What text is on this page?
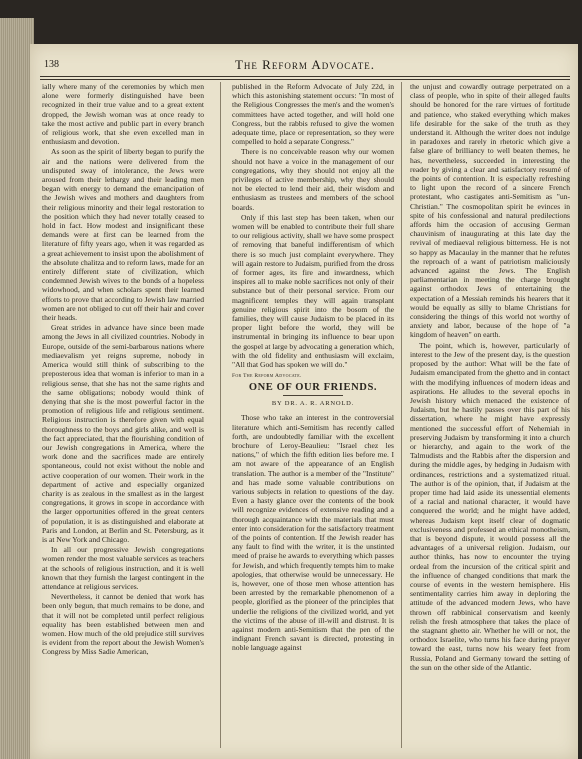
138	The Reform Advocate.

ially where many of the ceremonies by which men alone were formerly distinguished have been recognized in their true value and to a great extent dropped, the Jewish woman was at once ready to take the most active and public part in every branch of religious work, that she even excelled man in enthusiasm and devotion.

As soon as the spirit of liberty began to purify the air and the nations were delivered from the undisputed sway of intolerance, the Jews were aroused from their lethargy and their leading men began with energy to demand the emancipation of the Jewish wives and mothers and daughters from their religious minority and their legal restoration to the position which they had never totally ceased to hold in fact. How modest and insignificant these demands were at first can be learned from the literature of fifty years ago, when it was regarded as a great achievement to insist upon the abolishment of the absolute chalitza and to reform laws, made for an entirely different state of civilization, which condemned Jewish wives to the bonds of a hopeless widowhood, and when scholars spent their learned efforts to prove that according to Jewish law married women are not obliged to cut off their hair and cover their heads.

Great strides in advance have since been made among the Jews in all civilized countries. Nobody in Europe, outside of the semi-barbarous nations where mediaevalism yet reigns supreme, nobody in America would still think of subscribing to the preposterous idea that woman is inferior to man in a religious sense, that she has not the same rights and the same obligations; nobody would think of denying that she is the most powerful factor in the promotion of religious life and religious sentiment. Religious instruction is therefore given with equal thoroughness to the boys and girls alike, and well is the fact appreciated, that the flourishing condition of our Jewish congregations in America, where the work done and the sacrifices made are entirely spontaneous, could not exist without the noble and active cooperation of our women. Their work in the department of active and especially organized charity is as zealous in the smallest as in the largest congregations, it grows in scope in accordance with the larger opportunities offered in the great centers of population, it is as distinguished and elaborate at Paris and London, at Berlin and St. Petersburg, as it is at New York and Chicago.

In all our progressive Jewish congregations women render the most valuable services as teachers at the schools of religious instruction, and it is well known that they furnish the largest contingent in the attendance at religious services.

Nevertheless, it cannot be denied that work has been only begun, that much remains to be done, and that it will not be completed until perfect religious equality has been established between men and women. How much of the old prejudice still survives is evident from the report about the Jewish Women's Congress by Miss Sadie American,

published in the Reform Advocate of July 22d, in which this astonishing statement occurs: "In most of the Religious Congresses the men's and the women's committees have acted together, and will hold one Congress, but the rabbis refused to give the women adequate time, place or representation, so they were compelled to hold a separate Congress."

There is no conceivable reason why our women should not have a voice in the management of our congregations, why they should not enjoy all the privileges of active membership, why they should not be elected to lend their aid, their wisdom and enthusiasm as trustees and members of the school boards.

Only if this last step has been taken, when our women will be enabled to contribute their full share to our religious activity, shall we have some prospect of removing that baneful indifferentism of which there is so much just complaint everywhere. They will again restore to Judaism, purified from the dross of former ages, its fire and inwardness, which inspires all to make noble sacrifices not only of their substance but of their personal service. From our magnificent temples they will again transplant genuine religious spirit into the bosom of the families, they will cause Judaism to be placed in its proper light before the world, they will be instrumental in bringing its influence to bear upon the gospel at large by advocating a generation which, with the old fidelity and enthusiasm will exclaim, "All that God has spoken we will do."

For The Reform Advocate.
ONE OF OUR FRIENDS.
BY DR. A. R. ARNOLD.

Those who take an interest in the controversial literature which anti-Semitism has recently called forth, are undoubtedly familiar with the excellent brochure of Leroy-Beaulieu: "Israel chez les nations," of which the fifth edition lies before me. I am not aware of the appearance of an English translation. The author is a member of the "Institute" and has made some valuable contributions on various subjects in relation to questions of the day. Even a hasty glance over the contents of the book will recognize evidences of extensive reading and a thorough acquaintance with the materials that must enter into consideration for the satisfactory treatment of the points of contention. If the Jewish reader has any fault to find with the writer, it is the unstinted meed of praise he awards to everything which passes for Jewish, and which frequently tempts him to make apologies, that otherwise would be unnecessary. He is, however, one of those men whose attention has been arrested by the remarkable phenomenon of a people, glorified as the pioneer of the principles that underlie the religions of the civilized world, and yet the victims of the abuse of ill-will and distrust. It is against modern anti-Semitism that the pen of the indignant French savant is directed, protesting in noble language against

the unjust and cowardly outrage perpetrated on a class of people, who in spite of their alleged faults should be honored for the rare virtues of fortitude and patience, who staked everything which makes life desirable for the sake of the truth as they understand it. Although the writer does not indulge in paradoxes and rarely in rhetoric which give a false glare of brilliancy to well beaten themes, he has, nevertheless, succeeded in interesting the reader by giving a clear and satisfactory resumé of the points of contention. It is especially refreshing to light upon the record of a sincere French protestant, who castigates anti-Semitism as "un-Christian." The cosmopolitan spirit he evinces in spite of his confessional and natural predilections affords him the occasion of accusing German chauvinism of inaugurating at this late day the revival of mediaeval religious bitterness. He is not so happy as Macaulay in the manner that he refutes the reproach of a want of patriotism maliciously advanced against the Jews. The English parliamentarian in meeting the charge brought against orthodox Jews of entertaining the expectation of a Messiah reminds his hearers that it would be equally as silly to blame Christians for considering the things of this world not worthy of anxiety and labor, because of the hope of "a kingdom of heaven" on earth.

The point, which is, however, particularly of interest to the Jew of the present day, is the question proposed by the author: What will be the fate of Judaism emancipated from the ghetto and in contact with the modifying influences of modern ideas and aspirations. He alludes to the several epochs in Jewish history which menaced the existence of Judaism, but he hastily passes over this part of his dissertation, where he might have expressly mentioned the successful effort of Nehemiah in preserving Judaism by transforming it into a church or hierarchy, and again to the work of the Talmudists and the Rabbis after the dispersion and during the middle ages, by hedging in Judaism with ordinances, restrictions and a systematized ritual. The author is of the opinion, that, if Judaism at the proper time had laid aside its unessential elements of a racial and national character, it would have conquered the world; and he might have added, whereas Judaism kept itself clear of dogmatic exclusiveness and professed an ethical monotheism, that is beyond dispute, it would possess all the advantages of a universal religion. Judaism, our author thinks, has now to encounter the trying ordeal from the incursion of the critical spirit and the influence of changed conditions that mark the course of events in the western hemisphere. His sentimentality carries him away in deploring the attitude of the advanced modern Jews, who have thrown off rabbinical conservatism and keenly relish the fresh atmosphere that takes the place of the stagnant ghetto air. Whether he will or not, the orthodox Israelite, who turns his face during prayer toward the east, turns now his weary feet from Russia, Poland and Germany toward the setting of the sun on the other side of the Atlantic.
